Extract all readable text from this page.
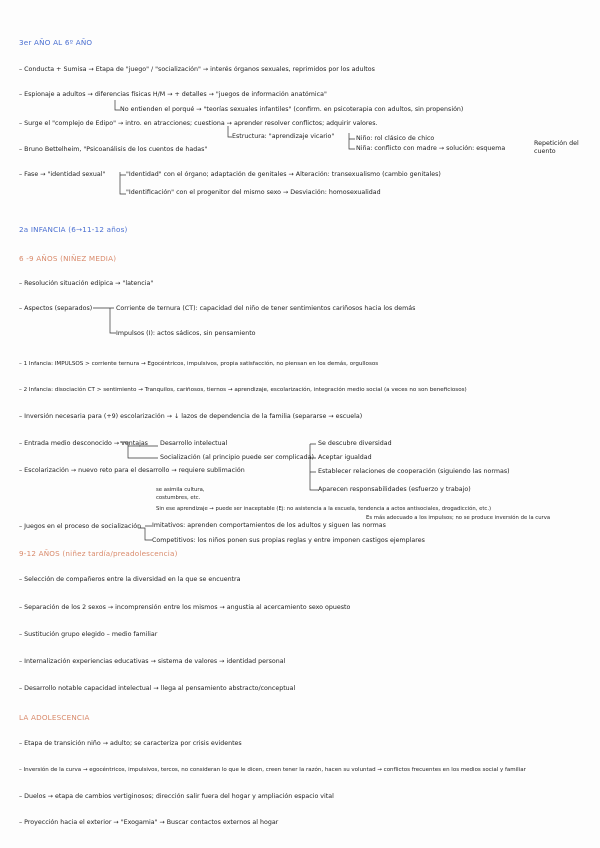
3er AÑO AL 6º AÑO
– Conducta + Sumisa → Etapa de "juego" / "socialización" → interés órganos sexuales, reprimidos por los adultos
– Espionaje a adultos → diferencias físicas H/M → + detalles → "juegos de información anatómica"
No entienden el porqué → "teorías sexuales infantiles" (confirm. en psicoterapia con adultos, sin propensión)
– Surge el "complejo de Edipo" → intro. en atracciones; cuestiona → aprender resolver conflictos; adquirir valores.
Estructura: "aprendizaje vicario"	Niño: rol clásico de chico
Niña: conflicto con madre → solución: esquema
Repetición del cuento
– Bruno Bettelheim, "Psicoanálisis de los cuentos de hadas"
– Fase → "identidad sexual"	"Identidad" con el órgano; adaptación de genitales → Alteración: transexualismo (cambio genitales)
"Identificación" con el progenitor del mismo sexo → Desviación: homosexualidad
2a INFANCIA (6→11-12 años)
6 -9 AÑOS (NIÑEZ MEDIA)
– Resolución situación edípica → "latencia"
– Aspectos (separados)	Corriente de ternura (CT): capacidad del niño de tener sentimientos cariñosos hacia los demás
Impulsos (I): actos sádicos, sin pensamiento
– 1 Infancia: IMPULSOS > corriente ternura → Egocéntricos, impulsivos, propia satisfacción, no piensan en los demás, orgullosos
– 2 Infancia: disociación CT > sentimiento → Tranquilos, cariñosos, tiernos → aprendizaje, escolarización, integración medio social (a veces no son beneficiosos)
– Inversión necesaria para (+9) escolarización → ↓ lazos de dependencia de la familia (separarse → escuela)
– Entrada medio desconocido → ventajas Desarrollo intelectual
Socialización (al principio puede ser complicada)
Se descubre diversidad
Aceptar igualdad
Establecer relaciones de cooperación (siguiendo las normas)
Aparecen responsabilidades (esfuerzo y trabajo)
– Escolarización → nuevo reto para el desarrollo → requiere sublimación
se asimila cultura,
costumbres, etc.
Sin ese aprendizaje → puede ser inaceptable (Ej: no asistencia a la escuela, tendencia a actos antisociales, drogadicción, etc.)
Es más adecuado a los impulsos; no se produce inversión de la curva
– Juegos en el proceso de socialización Imitativos: aprenden comportamientos de los adultos y siguen las normas
Competitivos: los niños ponen sus propias reglas y entre imponen castigos ejemplares
9-12 AÑOS (niñez tardía/preadolescencia)
– Selección de compañeros entre la diversidad en la que se encuentra
– Separación de los 2 sexos → incomprensión entre los mismos → angustia al acercamiento sexo opuesto
– Sustitución grupo elegido – medio familiar
– Internalización experiencias educativas → sistema de valores → identidad personal
– Desarrollo notable capacidad intelectual → llega al pensamiento abstracto/conceptual
LA ADOLESCENCIA
– Etapa de transición niño → adulto; se caracteriza por crisis evidentes
– Inversión de la curva → egocéntricos, impulsivos, tercos, no consideran lo que le dicen, creen tener la razón, hacen su voluntad → conflictos frecuentes en los medios social y familiar
– Duelos → etapa de cambios vertiginosos; dirección salir fuera del hogar y ampliación espacio vital
– Proyección hacia el exterior → "Exogamia" → Buscar contactos externos al hogar
